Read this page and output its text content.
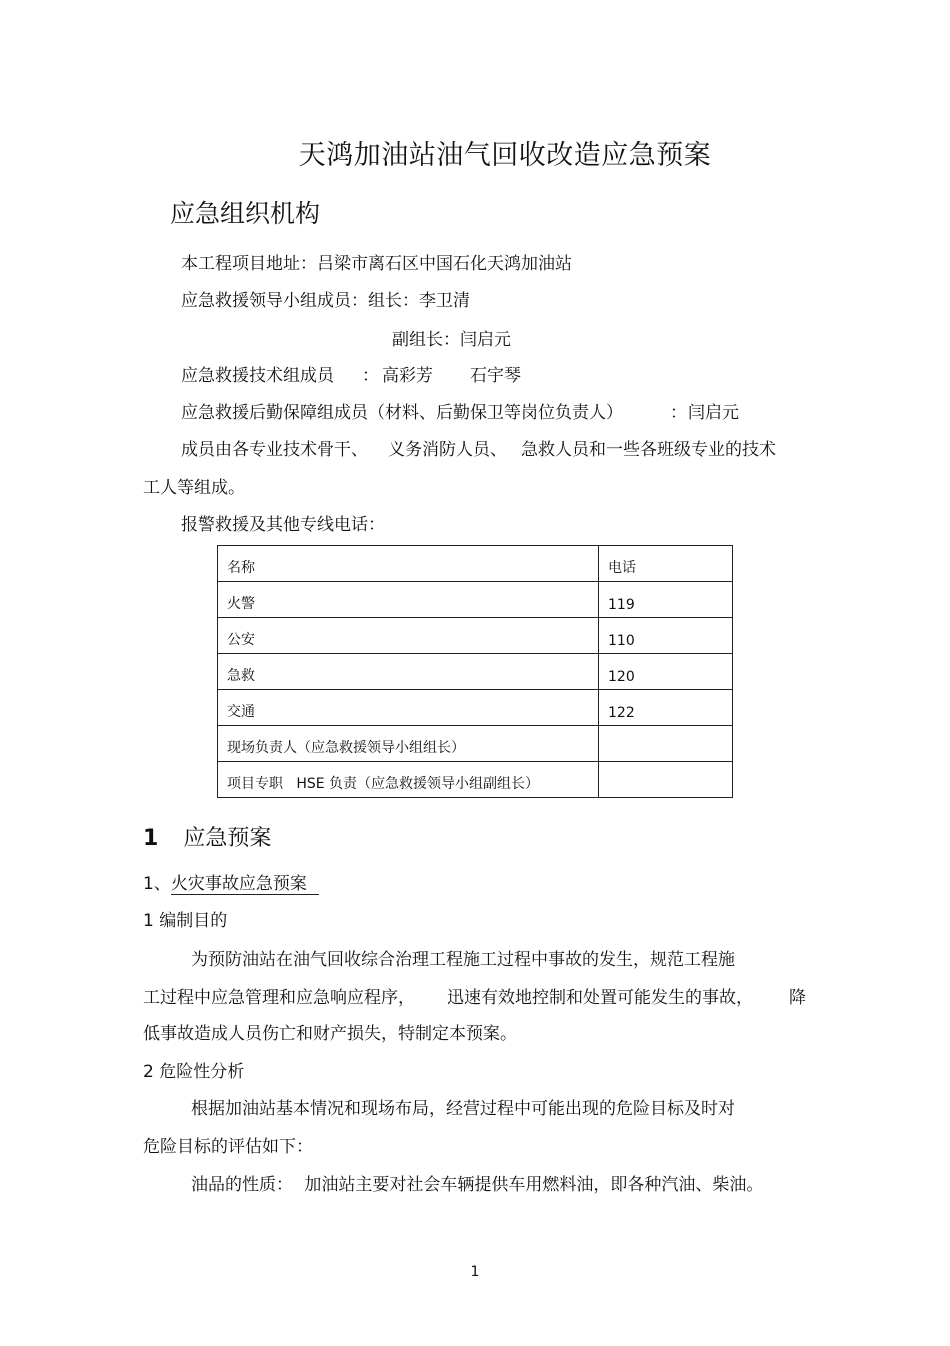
天鸿加油站油气回收改造应急预案
应急组织机构
本工程项目地址：吕梁市离石区中国石化天鸿加油站
应急救援领导小组成员：组长：李卫清
副组长：闫启元
应急救援技术组成员 ： 高彩芳 石宇琴
应急救援后勤保障组成员（材料、后勤保卫等岗位负责人）	： 闫启元
成员由各专业技术骨干、 义务消防人员、 急救人员和一些各班级专业的技术
工人等组成。
报警救援及其他专线电话：
名称	电话
火警	119
公安	110
急救	120
交通	122
现场负责人（应急救援领导小组组长）	
项目专职   HSE 负责（应急救援领导小组副组长）	
1 应急预案
1、火灾事故应急预案
1 编制目的
为预防油站在油气回收综合治理工程施工过程中事故的发生，规范工程施
工过程中应急管理和应急响应程序， 迅速有效地控制和处置可能发生的事故， 降
低事故造成人员伤亡和财产损失，特制定本预案。
2 危险性分析
根据加油站基本情况和现场布局，经营过程中可能出现的危险目标及时对
危险目标的评估如下：
油品的性质： 加油站主要对社会车辆提供车用燃料油，即各种汽油、柴油。
1
